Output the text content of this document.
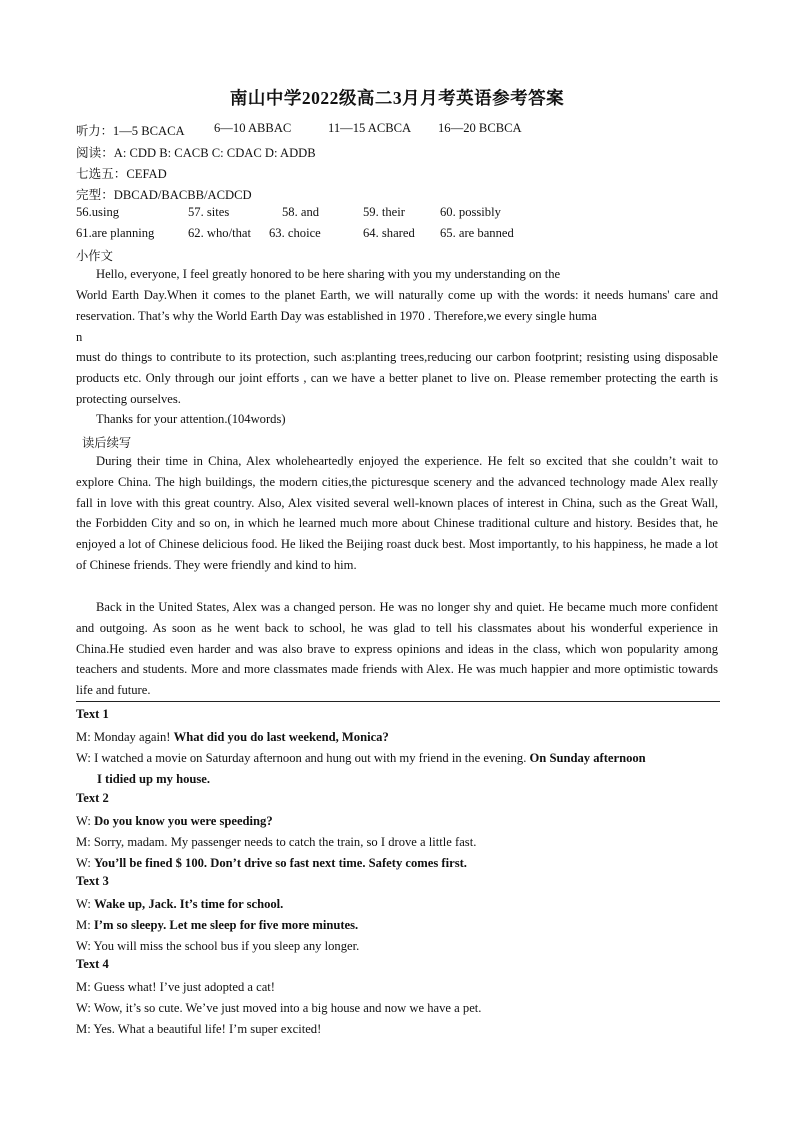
南山中学2022级高二3月月考英语参考答案
听力：1—5 BCACA 6—10 ABBAC	11—15 ACBCA 16—20 BCBCA
阅读：A: CDD B: CACB C: CDAC D: ADDB
七选五：CEFAD
完型：DBCAD/BACBB/ACDCD
56.using	57. sites	58. and	59. their	60. possibly
61.are planning	62. who/that 63. choice	64. shared 65. are banned
小作文
Hello, everyone, I feel greatly honored to be here sharing with you my understanding on the

World Earth Day.When it comes to the planet Earth, we will naturally come up with the words: it needs humans' care and reservation. That’s why the World Earth Day was established in 1970 . Therefore,we every single huma

n

must do things to contribute to its protection, such as:planting trees,reducing our carbon footprint; resisting using disposable products etc. Only through our joint efforts , can we have a better planet to live on. Please remember protecting the earth is protecting ourselves.

Thanks for your attention.(104words)
读后续写

During their time in China, Alex wholeheartedly enjoyed the experience. He felt so excited that she couldn’t wait to explore China. The high buildings, the modern cities,the picturesque scenery and the advanced technology made Alex really fall in love with this great country. Also, Alex visited several well-known places of interest in China, such as the Great Wall, the Forbidden City and so on, in which he learned much more about Chinese traditional culture and history. Besides that, he enjoyed a lot of Chinese delicious food. He liked the Beijing roast duck best. Most importantly, to his happiness, he made a lot of Chinese friends. They were friendly and kind to him.

Back in the United States, Alex was a changed person. He was no longer shy and quiet. He became much more confident and outgoing. As soon as he went back to school, he was glad to tell his classmates about his wonderful experience in China.He studied even harder and was also brave to express opinions and ideas in the class, which won popularity among teachers and students. More and more classmates made friends with Alex. He was much happier and more optimistic towards life and future.

Text 1
M: Monday again! What did you do last weekend, Monica?
W: I watched a movie on Saturday afternoon and hung out with my friend in the evening. On Sunday afternoon
I tidied up my house.
Text 2
W: Do you know you were speeding?
M: Sorry, madam. My passenger needs to catch the train, so I drove a little fast.
W: You’ll be fined $ 100. Don’t drive so fast next time. Safety comes first.
Text 3
W: Wake up, Jack. It’s time for school.
M: I’m so sleepy. Let me sleep for five more minutes.
W: You will miss the school bus if you sleep any longer.
Text 4
M: Guess what! I’ve just adopted a cat!
W: Wow, it’s so cute. We’ve just moved into a big house and now we have a pet.
M: Yes. What a beautiful life! I’m super excited!
